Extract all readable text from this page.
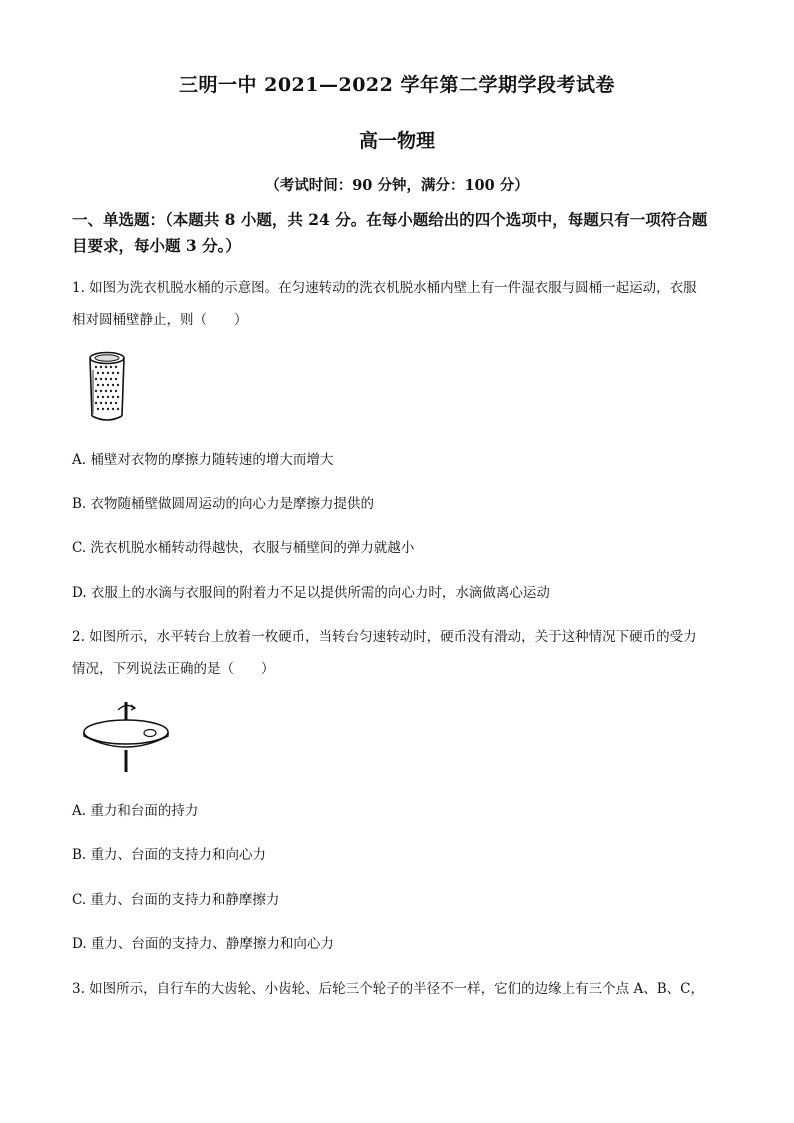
三明一中 2021—2022 学年第二学期学段考试卷
高一物理
（考试时间：90 分钟，满分：100 分）
一、单选题：（本题共 8 小题，共 24 分。在每小题给出的四个选项中，每题只有一项符合题
目要求，每小题 3 分。）
1. 如图为洗衣机脱水桶的示意图。在匀速转动的洗衣机脱水桶内壁上有一件湿衣服与圆桶一起运动，衣服
相对圆桶壁静止，则（　　）
A. 桶壁对衣物的摩擦力随转速的增大而增大
B. 衣物随桶壁做圆周运动的向心力是摩擦力提供的
C. 洗衣机脱水桶转动得越快，衣服与桶壁间的弹力就越小
D. 衣服上的水滴与衣服间的附着力不足以提供所需的向心力时，水滴做离心运动
2. 如图所示，水平转台上放着一枚硬币，当转台匀速转动时，硬币没有滑动，关于这种情况下硬币的受力
情况，下列说法正确的是（　　）
A. 重力和台面的持力
B. 重力、台面的支持力和向心力
C. 重力、台面的支持力和静摩擦力
D. 重力、台面的支持力、静摩擦力和向心力
3. 如图所示，自行车的大齿轮、小齿轮、后轮三个轮子的半径不一样，它们的边缘上有三个点 A、B、C，
